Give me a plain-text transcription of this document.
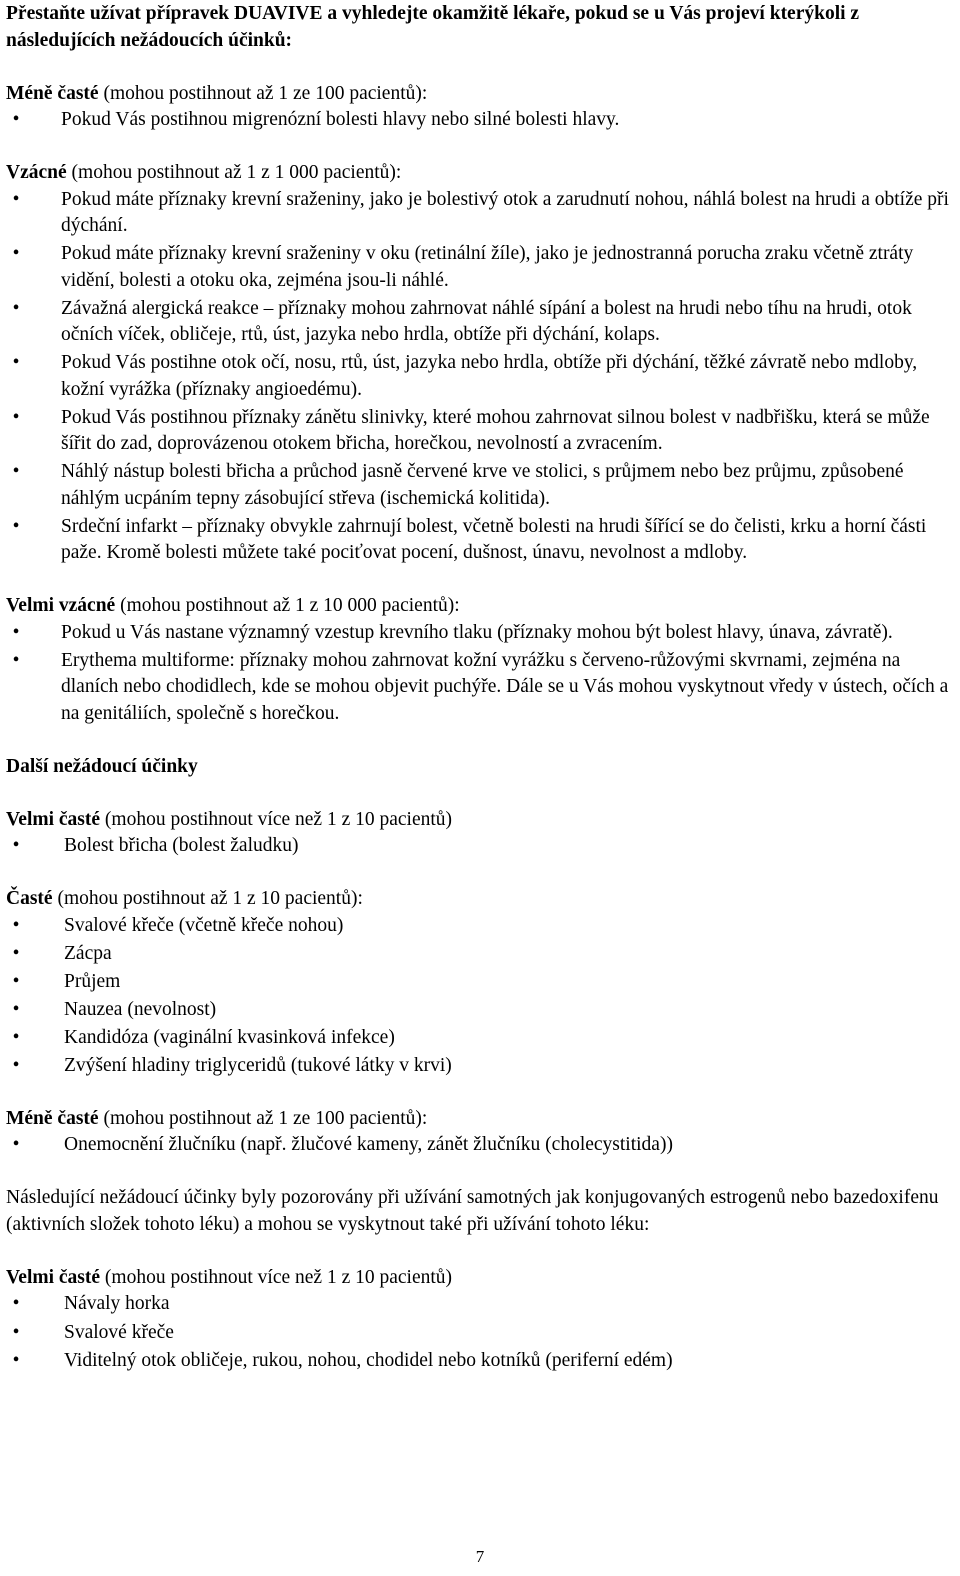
Přestaňte užívat přípravek DUAVIVE a vyhledejte okamžitě lékaře, pokud se u Vás projeví kterýkoli z následujících nežádoucích účinků:

Méně časté (mohou postihnout až 1 ze 100 pacientů):

•	Pokud Vás postihnou migrenózní bolesti hlavy nebo silné bolesti hlavy.

Vzácné (mohou postihnout až 1 z 1 000 pacientů):

•	Pokud máte příznaky krevní sraženiny, jako je bolestivý otok a zarudnutí nohou, náhlá bolest na hrudi a obtíže při dýchání.
•	Pokud máte příznaky krevní sraženiny v oku (retinální žíle), jako je jednostranná porucha zraku včetně ztráty vidění, bolesti a otoku oka, zejména jsou-li náhlé.
•	Závažná alergická reakce – příznaky mohou zahrnovat náhlé sípání a bolest na hrudi nebo tíhu na hrudi, otok očních víček, obličeje, rtů, úst, jazyka nebo hrdla, obtíže při dýchání, kolaps.
•	Pokud Vás postihne otok očí, nosu, rtů, úst, jazyka nebo hrdla, obtíže při dýchání, těžké závratě nebo mdloby, kožní vyrážka (příznaky angioedému).
•	Pokud Vás postihnou příznaky zánětu slinivky, které mohou zahrnovat silnou bolest v nadbřišku, která se může šířit do zad, doprovázenou otokem břicha, horečkou, nevolností a zvracením.
•	Náhlý nástup bolesti břicha a průchod jasně červené krve ve stolici, s průjmem nebo bez průjmu, způsobené náhlým ucpáním tepny zásobující střeva (ischemická kolitida).
•	Srdeční infarkt – příznaky obvykle zahrnují bolest, včetně bolesti na hrudi šířící se do čelisti, krku a horní části paže. Kromě bolesti můžete také pociťovat pocení, dušnost, únavu, nevolnost a mdloby.

Velmi vzácné (mohou postihnout až 1 z 10 000 pacientů):

•	Pokud u Vás nastane významný vzestup krevního tlaku (příznaky mohou být bolest hlavy, únava, závratě).
•	Erythema multiforme: příznaky mohou zahrnovat kožní vyrážku s červeno-růžovými skvrnami, zejména na dlaních nebo chodidlech, kde se mohou objevit puchýře. Dále se u Vás mohou vyskytnout vředy v ústech, očích a na genitáliích, společně s horečkou.

Další nežádoucí účinky

Velmi časté (mohou postihnout více než 1 z 10 pacientů)

•	Bolest břicha (bolest žaludku)

Časté (mohou postihnout až 1 z 10 pacientů):

•	Svalové křeče (včetně křeče nohou)
•	Zácpa
•	Průjem
•	Nauzea (nevolnost)
•	Kandidóza (vaginální kvasinková infekce)
•	Zvýšení hladiny triglyceridů (tukové látky v krvi)

Méně časté (mohou postihnout až 1 ze 100 pacientů):

•	Onemocnění žlučníku (např. žlučové kameny, zánět žlučníku (cholecystitida))

Následující nežádoucí účinky byly pozorovány při užívání samotných jak konjugovaných estrogenů nebo bazedoxifenu (aktivních složek tohoto léku) a mohou se vyskytnout také při užívání tohoto léku:

Velmi časté (mohou postihnout více než 1 z 10 pacientů)

•	Návaly horka
•	Svalové křeče
•	Viditelný otok obličeje, rukou, nohou, chodidel nebo kotníků (periferní edém)
7
